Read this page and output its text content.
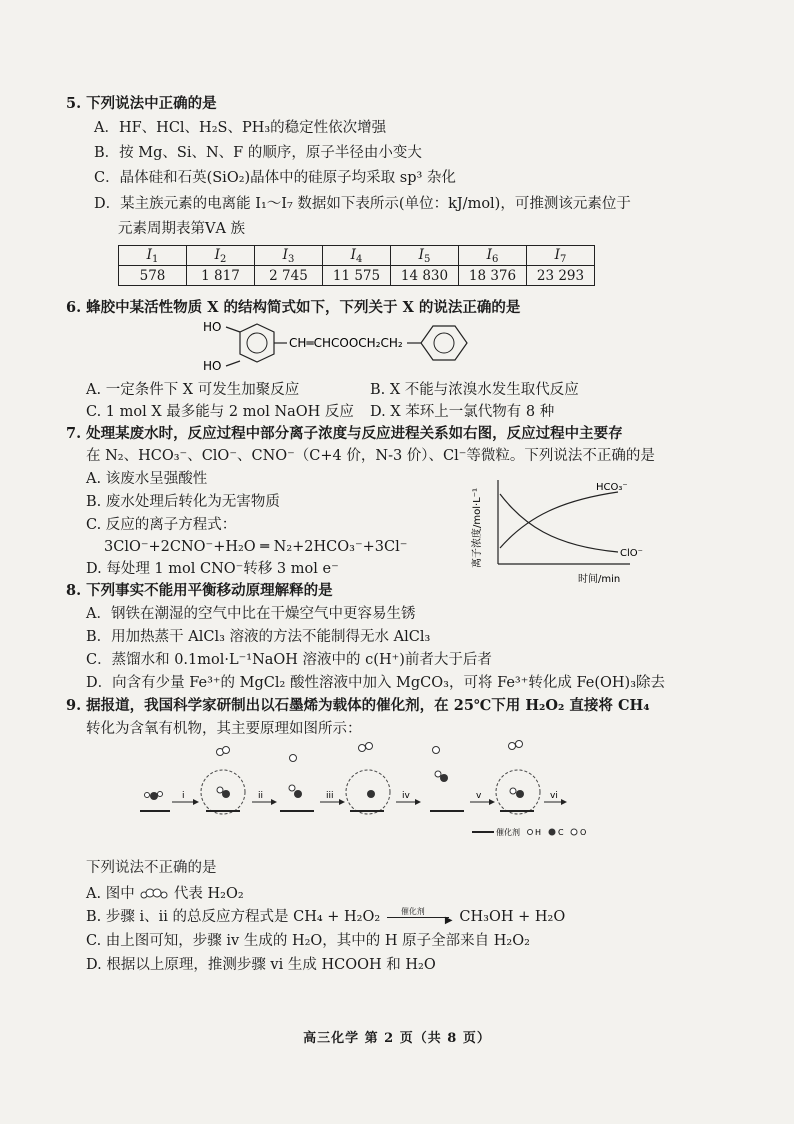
5. 下列说法中正确的是
A．HF、HCl、H₂S、PH₃的稳定性依次增强
B．按 Mg、Si、N、F 的顺序，原子半径由小变大
C．晶体硅和石英(SiO₂)晶体中的硅原子均采取 sp³ 杂化
D．某主族元素的电离能 I₁～I₇ 数据如下表所示(单位：kJ/mol)，可推测该元素位于
元素周期表第ⅤA 族
$I_1$	$I_2$	$I_3$	$I_4$	$I_5$	$I_6$	$I_7$
578	1 817	2 745	11 575	14 830	18 376	23 293
6. 蜂胶中某活性物质 X 的结构简式如下，下列关于 X 的说法正确的是
HO
HO
CH═CHCOOCH₂CH₂
A. 一定条件下 X 可发生加聚反应	B. X 不能与浓溴水发生取代反应
C. 1 mol X 最多能与 2 mol NaOH 反应 D. X 苯环上一氯代物有 8 种
7. 处理某废水时，反应过程中部分离子浓度与反应进程关系如右图，反应过程中主要存
在 N₂、HCO₃⁻、ClO⁻、CNO⁻（C+4 价，N-3 价）、Cl⁻等微粒。下列说法不正确的是
A. 该废水呈强酸性
B. 废水处理后转化为无害物质
C. 反应的离子方程式：
3ClO⁻+2CNO⁻+H₂O ═ N₂+2HCO₃⁻+3Cl⁻
D. 每处理 1 mol CNO⁻转移 3 mol e⁻
离子浓度/mol·L⁻¹
HCO₃⁻
ClO⁻
时间/min
8. 下列事实不能用平衡移动原理解释的是
A．钢铁在潮湿的空气中比在干燥空气中更容易生锈
B．用加热蒸干 AlCl₃ 溶液的方法不能制得无水 AlCl₃
C．蒸馏水和 0.1mol·L⁻¹NaOH 溶液中的 c(H⁺)前者大于后者
D．向含有少量 Fe³⁺的 MgCl₂ 酸性溶液中加入 MgCO₃，可将 Fe³⁺转化成 Fe(OH)₃除去
9. 据报道，我国科学家研制出以石墨烯为载体的催化剂，在 25℃下用 H₂O₂ 直接将 CH₄
转化为含氧有机物，其主要原理如图所示：
i	ii	iii	iv	v	vi
催化剂 H C O
下列说法不正确的是
A. 图中	代表 H₂O₂
B. 步骤 i、ii 的总反应方程式是 CH₄ + H₂O₂	催化剂
▶ CH₃OH + H₂O
C. 由上图可知，步骤 iv 生成的 H₂O，其中的 H 原子全部来自 H₂O₂
D. 根据以上原理，推测步骤 vi 生成 HCOOH 和 H₂O
高三化学 第 2 页（共 8 页）
